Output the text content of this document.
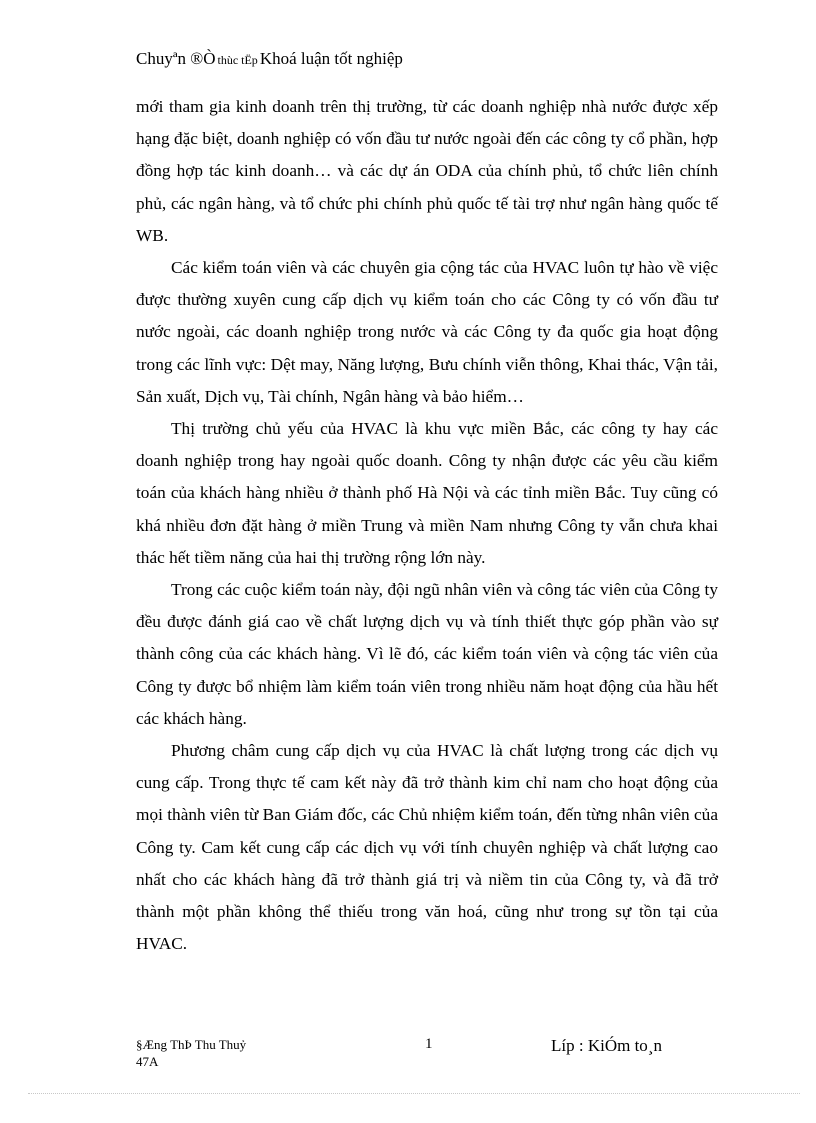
Chuyªn
®Ò thùc tËp Khoá luận tốt nghiệp

mới tham gia kinh doanh trên thị trường, từ các doanh nghiệp nhà nước được xếp hạng đặc biệt, doanh nghiệp có vốn đầu tư nước ngoài đến các công ty cổ phần, hợp đồng hợp tác kinh doanh… và các dự án ODA của chính phủ, tổ chức liên chính phủ, các ngân hàng, và tổ chức phi chính phủ quốc tế tài trợ như ngân hàng quốc tế WB.

Các kiểm toán viên và các chuyên gia cộng tác của HVAC luôn tự hào về việc được thường xuyên cung cấp dịch vụ kiểm toán cho các Công ty có vốn đầu tư nước ngoài, các doanh nghiệp trong nước và các Công ty đa quốc gia hoạt động trong các lĩnh vực: Dệt may, Năng lượng, Bưu chính viễn thông, Khai thác, Vận tải, Sản xuất, Dịch vụ, Tài chính, Ngân hàng và bảo hiểm…

Thị trường chủ yếu của HVAC là khu vực miền Bắc, các công ty hay các doanh nghiệp trong hay ngoài quốc doanh. Công ty nhận được các yêu cầu kiểm toán của khách hàng nhiều ở thành phố Hà Nội và các tỉnh miền Bắc. Tuy cũng có khá nhiều đơn đặt hàng ở miền Trung và miền Nam nhưng Công ty vẫn chưa khai thác hết tiềm năng của hai thị trường rộng lớn này.

Trong các cuộc kiểm toán này, đội ngũ nhân viên và công tác viên của Công ty đều được đánh giá cao về chất lượng dịch vụ và tính thiết thực góp phần vào sự thành công của các khách hàng. Vì lẽ đó, các kiểm toán viên và cộng tác viên của Công ty được bổ nhiệm làm kiểm toán viên trong nhiều năm hoạt động của hầu hết các khách hàng.

Phương châm cung cấp dịch vụ của HVAC là chất lượng trong các dịch vụ cung cấp. Trong thực tế cam kết này đã trở thành kim chỉ nam cho hoạt động của mọi thành viên từ Ban Giám đốc, các Chủ nhiệm kiểm toán, đến từng nhân viên của Công ty. Cam kết cung cấp các dịch vụ với tính chuyên nghiệp và chất lượng cao nhất cho các khách hàng đã trở thành giá trị và niềm tin của Công ty, và đã trở thành một phần không thể thiếu trong văn hoá, cũng như trong sự tồn tại của HVAC.

§Æng ThÞ Thu Thuỷ
47A
1	Líp : KiÓm to¸n
